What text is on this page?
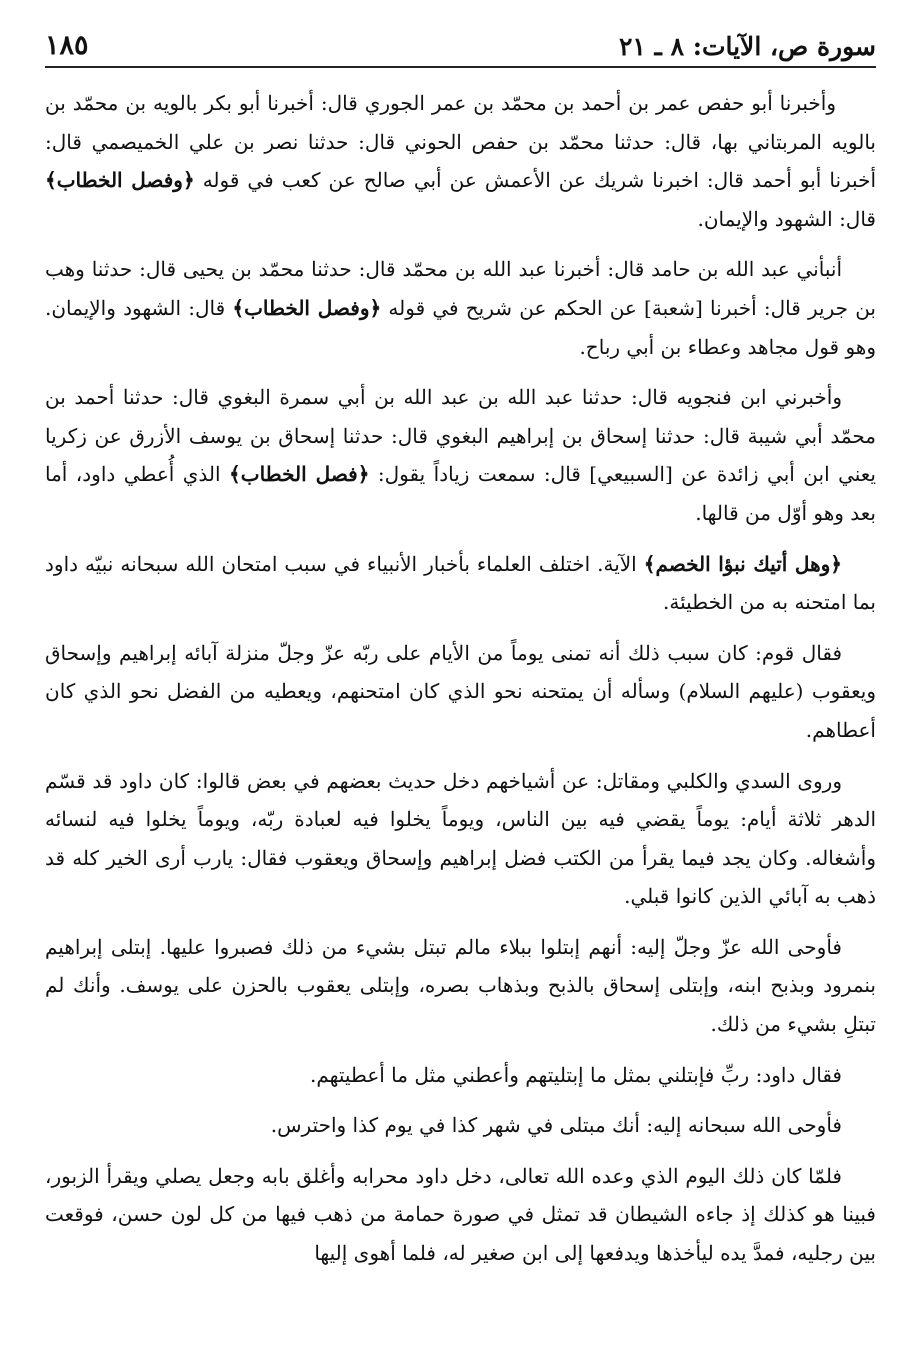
سورة ص، الآيات: ٨ ـ ٢١
١٨٥

وأخبرنا أبو حفص عمر بن أحمد بن محمّد بن عمر الجوري قال: أخبرنا أبو بكر بالويه بن محمّد بن بالويه المربتاني بها، قال: حدثنا محمّد بن حفص الحوني قال: حدثنا نصر بن علي الخميصمي قال: أخبرنا أبو أحمد قال: اخبرنا شريك عن الأعمش عن أبي صالح عن كعب في قوله ﴿وفصل الخطاب﴾ قال: الشهود والإيمان.

أنبأني عبد الله بن حامد قال: أخبرنا عبد الله بن محمّد قال: حدثنا محمّد بن يحيى قال: حدثنا وهب بن جرير قال: أخبرنا [شعبة] عن الحكم عن شريح في قوله ﴿وفصل الخطاب﴾ قال: الشهود والإيمان. وهو قول مجاهد وعطاء بن أبي رباح.

وأخبرني ابن فنجويه قال: حدثنا عبد الله بن عبد الله بن أبي سمرة البغوي قال: حدثنا أحمد بن محمّد أبي شيبة قال: حدثنا إسحاق بن إبراهيم البغوي قال: حدثنا إسحاق بن يوسف الأزرق عن زكريا يعني ابن أبي زائدة عن [السبيعي] قال: سمعت زياداً يقول: ﴿فصل الخطاب﴾ الذي أُعطي داود، أما بعد وهو أوّل من قالها.

﴿وهل أتيك نبؤا الخصم﴾ الآية. اختلف العلماء بأخبار الأنبياء في سبب امتحان الله سبحانه نبيّه داود بما امتحنه به من الخطيئة.

فقال قوم: كان سبب ذلك أنه تمنى يوماً من الأيام على ربّه عزّ وجلّ منزلة آبائه إبراهيم وإسحاق ويعقوب (عليهم السلام) وسأله أن يمتحنه نحو الذي كان امتحنهم، ويعطيه من الفضل نحو الذي كان أعطاهم.

وروى السدي والكلبي ومقاتل: عن أشياخهم دخل حديث بعضهم في بعض قالوا: كان داود قد قسّم الدهر ثلاثة أيام: يوماً يقضي فيه بين الناس، ويوماً يخلوا فيه لعبادة ربّه، ويوماً يخلوا فيه لنسائه وأشغاله. وكان يجد فيما يقرأ من الكتب فضل إبراهيم وإسحاق ويعقوب فقال: يارب أرى الخير كله قد ذهب به آبائي الذين كانوا قبلي.

فأوحى الله عزّ وجلّ إليه: أنهم إبتلوا ببلاء مالم تبتل بشيء من ذلك فصبروا عليها. إبتلى إبراهيم بنمرود وبذبح ابنه، وإبتلى إسحاق بالذبح وبذهاب بصره، وإبتلى يعقوب بالحزن على يوسف. وأنك لم تبتلِ بشيء من ذلك.

فقال داود: ربِّ فإبتلني بمثل ما إبتليتهم وأعطني مثل ما أعطيتهم.

فأوحى الله سبحانه إليه: أنك مبتلى في شهر كذا في يوم كذا واحترس.

فلمّا كان ذلك اليوم الذي وعده الله تعالى، دخل داود محرابه وأغلق بابه وجعل يصلي ويقرأ الزبور، فبينا هو كذلك إذ جاءه الشيطان قد تمثل في صورة حمامة من ذهب فيها من كل لون حسن، فوقعت بين رجليه، فمدَّ يده ليأخذها ويدفعها إلى ابن صغير له، فلما أهوى إليها
